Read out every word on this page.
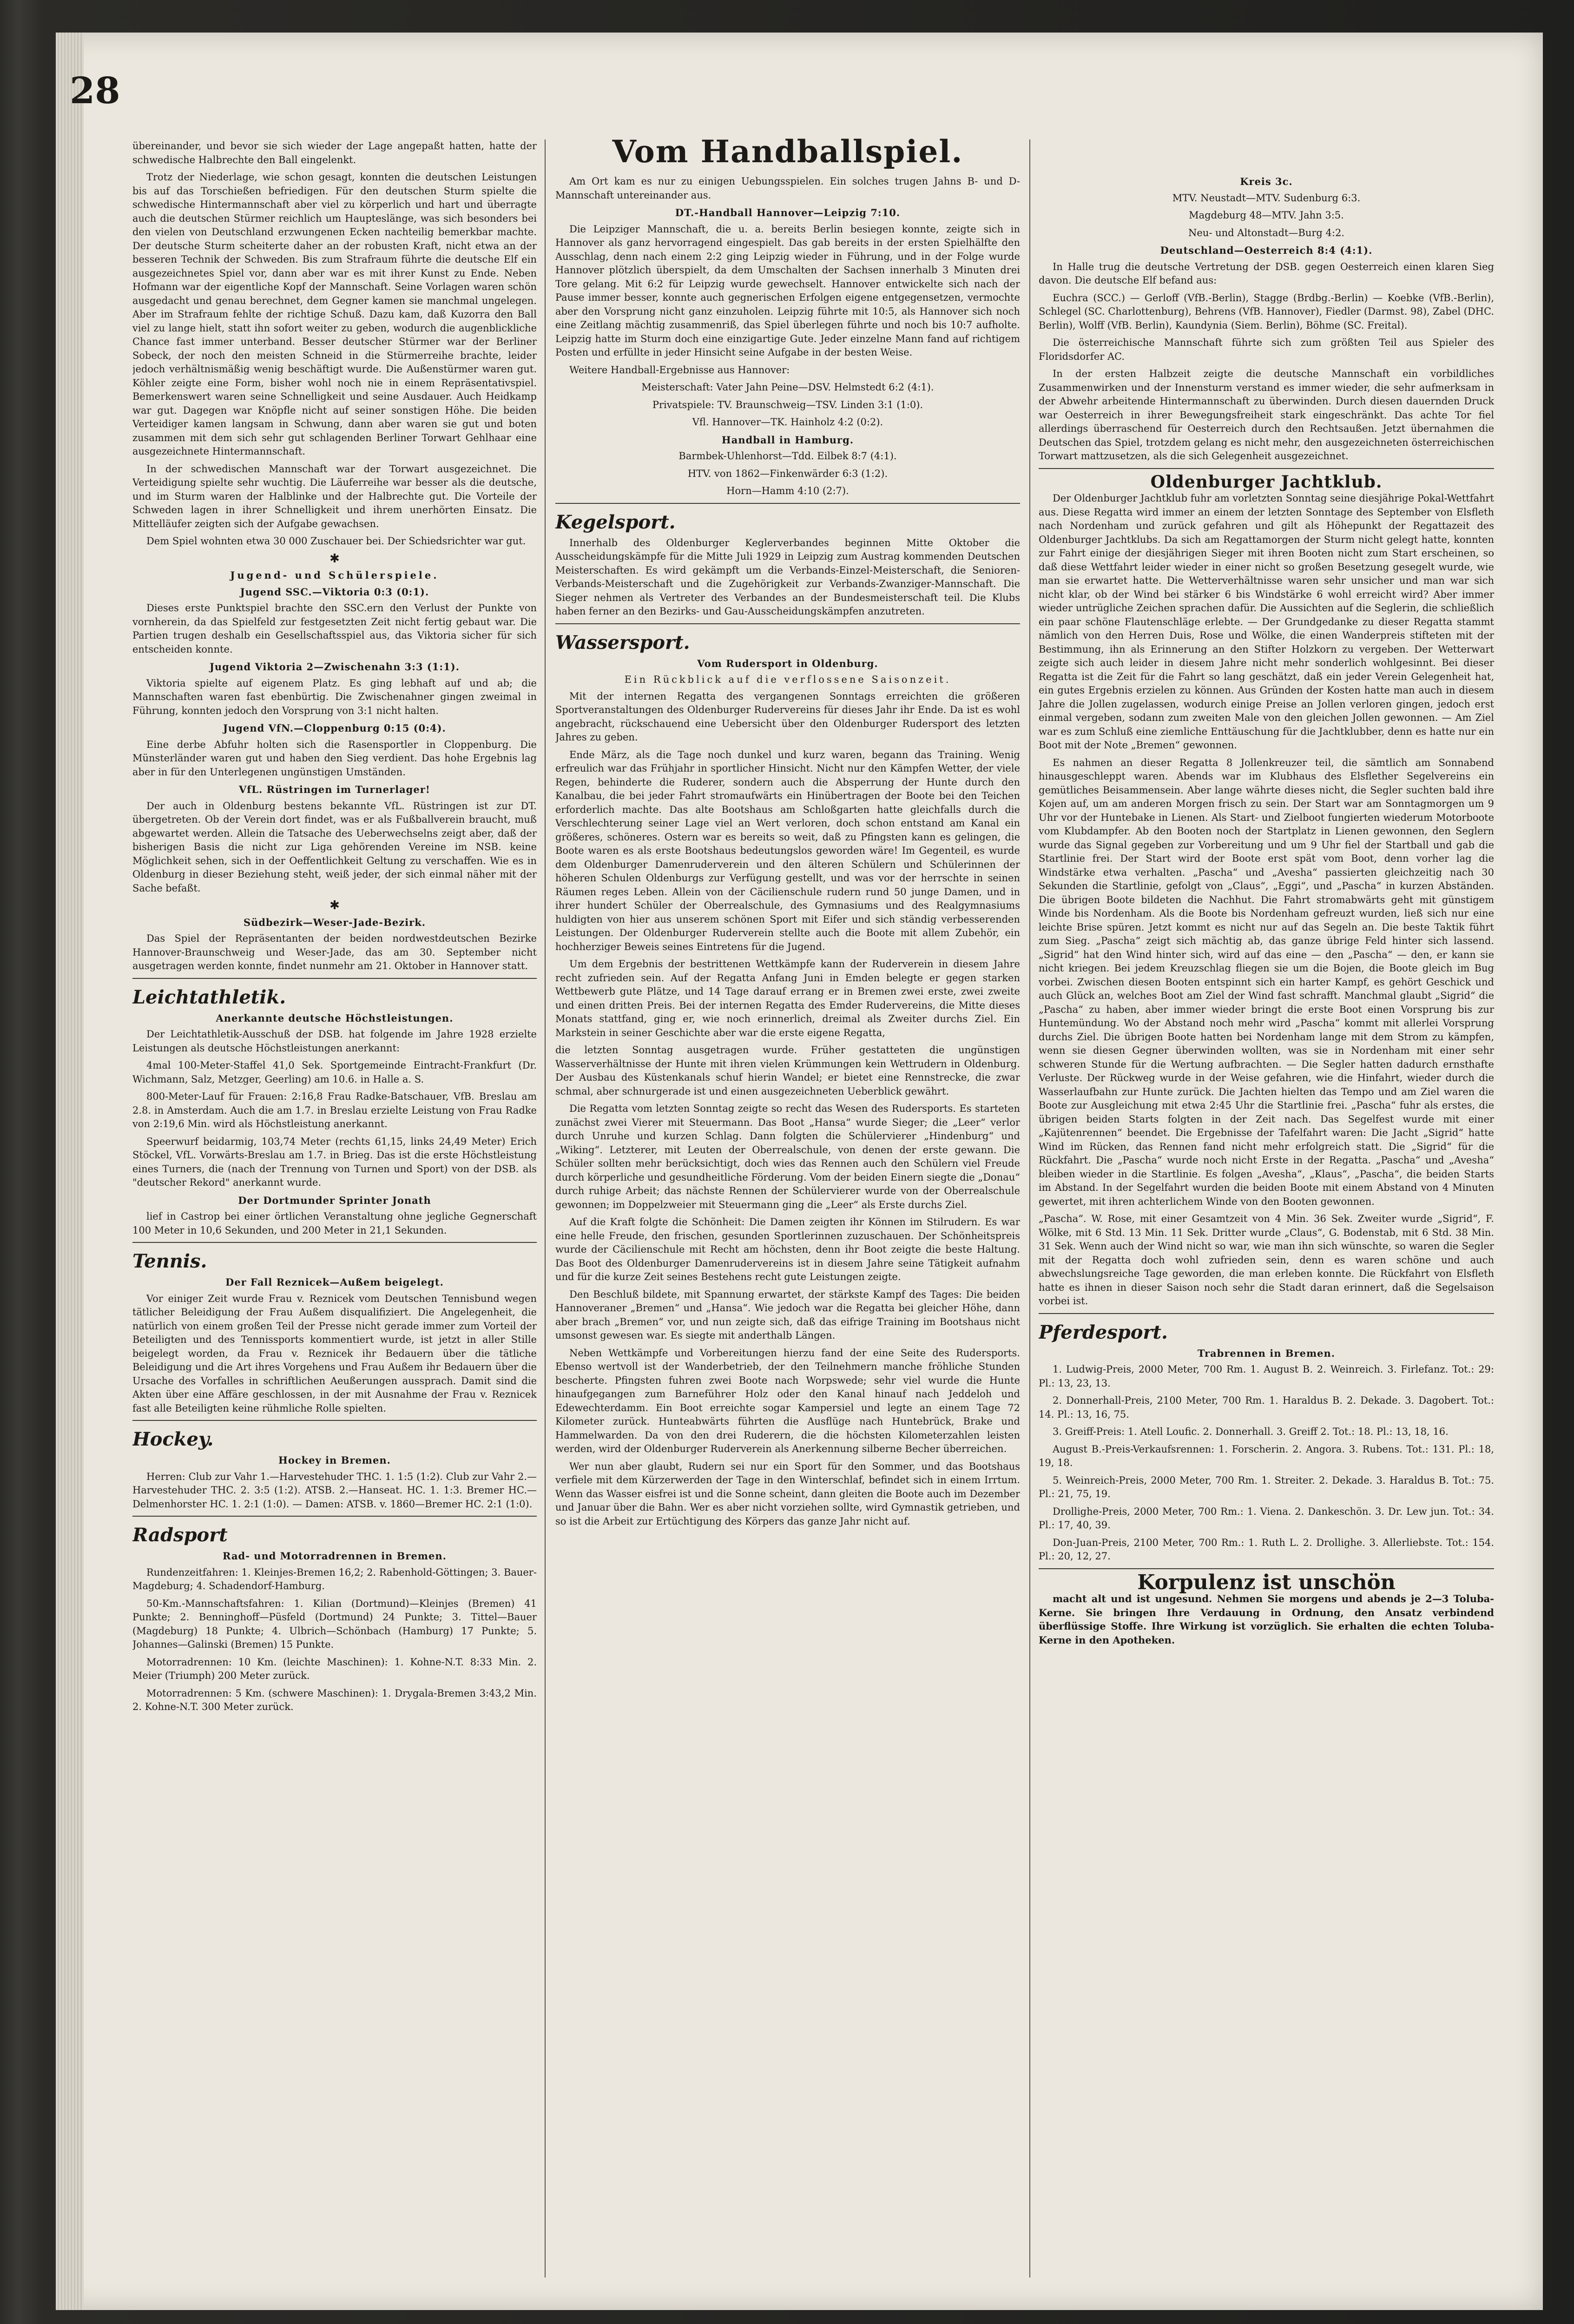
28

übereinander, und bevor sie sich wieder der Lage angepaßt hatten, hatte der schwedische Halbrechte den Ball eingelenkt.

Trotz der Niederlage, wie schon gesagt, konnten die deutschen Leistungen bis auf das Torschießen befriedigen. Für den deutschen Sturm spielte die schwedische Hintermannschaft aber viel zu körperlich und hart und überragte auch die deutschen Stürmer reichlich um Haupteslänge, was sich besonders bei den vielen von Deutschland erzwungenen Ecken nachteilig bemerkbar machte. Der deutsche Sturm scheiterte daher an der robusten Kraft, nicht etwa an der besseren Technik der Schweden. Bis zum Strafraum führte die deutsche Elf ein ausgezeichnetes Spiel vor, dann aber war es mit ihrer Kunst zu Ende. Neben Hofmann war der eigentliche Kopf der Mannschaft. Seine Vorlagen waren schön ausgedacht und genau berechnet, dem Gegner kamen sie manchmal ungelegen. Aber im Strafraum fehlte der richtige Schuß. Dazu kam, daß Kuzorra den Ball viel zu lange hielt, statt ihn sofort weiter zu geben, wodurch die augenblickliche Chance fast immer unterband. Besser deutscher Stürmer war der Berliner Sobeck, der noch den meisten Schneid in die Stürmerreihe brachte, leider jedoch verhältnismäßig wenig beschäftigt wurde. Die Außenstürmer waren gut. Köhler zeigte eine Form, bisher wohl noch nie in einem Repräsentativspiel. Bemerkenswert waren seine Schnelligkeit und seine Ausdauer. Auch Heidkamp war gut. Dagegen war Knöpfle nicht auf seiner sonstigen Höhe. Die beiden Verteidiger kamen langsam in Schwung, dann aber waren sie gut und boten zusammen mit dem sich sehr gut schlagenden Berliner Torwart Gehlhaar eine ausgezeichnete Hintermannschaft.

In der schwedischen Mannschaft war der Torwart ausgezeichnet. Die Verteidigung spielte sehr wuchtig. Die Läuferreihe war besser als die deutsche, und im Sturm waren der Halblinke und der Halbrechte gut. Die Vorteile der Schweden lagen in ihrer Schnelligkeit und ihrem unerhörten Einsatz. Die Mittelläufer zeigten sich der Aufgabe gewachsen.

Dem Spiel wohnten etwa 30 000 Zuschauer bei. Der Schiedsrichter war gut.

✱
Jugend- und Schülerspiele.
Jugend SSC.—Viktoria 0:3 (0:1).

Dieses erste Punktspiel brachte den SSC.ern den Verlust der Punkte von vornherein, da das Spielfeld zur festgesetzten Zeit nicht fertig gebaut war. Die Partien trugen deshalb ein Gesellschaftsspiel aus, das Viktoria sicher für sich entscheiden konnte.

Jugend Viktoria 2—Zwischenahn 3:3 (1:1).

Viktoria spielte auf eigenem Platz. Es ging lebhaft auf und ab; die Mannschaften waren fast ebenbürtig. Die Zwischenahner gingen zweimal in Führung, konnten jedoch den Vorsprung von 3:1 nicht halten.

Jugend VfN.—Cloppenburg 0:15 (0:4).

Eine derbe Abfuhr holten sich die Rasensportler in Cloppenburg. Die Münsterländer waren gut und haben den Sieg verdient. Das hohe Ergebnis lag aber in für den Unterlegenen ungünstigen Umständen.

VfL. Rüstringen im Turnerlager!

Der auch in Oldenburg bestens bekannte VfL. Rüstringen ist zur DT. übergetreten. Ob der Verein dort findet, was er als Fußballverein braucht, muß abgewartet werden. Allein die Tatsache des Ueberwechselns zeigt aber, daß der bisherigen Basis die nicht zur Liga gehörenden Vereine im NSB. keine Möglichkeit sehen, sich in der Oeffentlichkeit Geltung zu verschaffen. Wie es in Oldenburg in dieser Beziehung steht, weiß jeder, der sich einmal näher mit der Sache befaßt.

✱
Südbezirk—Weser-Jade-Bezirk.

Das Spiel der Repräsentanten der beiden nordwestdeutschen Bezirke Hannover-Braunschweig und Weser-Jade, das am 30. September nicht ausgetragen werden konnte, findet nunmehr am 21. Oktober in Hannover statt.

Leichtathletik.
Anerkannte deutsche Höchstleistungen.

Der Leichtathletik-Ausschuß der DSB. hat folgende im Jahre 1928 erzielte Leistungen als deutsche Höchstleistungen anerkannt:

4mal 100-Meter-Staffel 41,0 Sek. Sportgemeinde Eintracht-Frankfurt (Dr. Wichmann, Salz, Metzger, Geerling) am 10.6. in Halle a. S.

800-Meter-Lauf für Frauen: 2:16,8 Frau Radke-Batschauer, VfB. Breslau am 2.8. in Amsterdam. Auch die am 1.7. in Breslau erzielte Leistung von Frau Radke von 2:19,6 Min. wird als Höchstleistung anerkannt.

Speerwurf beidarmig, 103,74 Meter (rechts 61,15, links 24,49 Meter) Erich Stöckel, VfL. Vorwärts-Breslau am 1.7. in Brieg. Das ist die erste Höchstleistung eines Turners, die (nach der Trennung von Turnen und Sport) von der DSB. als "deutscher Rekord" anerkannt wurde.

Der Dortmunder Sprinter Jonath

lief in Castrop bei einer örtlichen Veranstaltung ohne jegliche Gegnerschaft 100 Meter in 10,6 Sekunden, und 200 Meter in 21,1 Sekunden.

Tennis.
Der Fall Reznicek—Außem beigelegt.

Vor einiger Zeit wurde Frau v. Reznicek vom Deutschen Tennisbund wegen tätlicher Beleidigung der Frau Außem disqualifiziert. Die Angelegenheit, die natürlich von einem großen Teil der Presse nicht gerade immer zum Vorteil der Beteiligten und des Tennissports kommentiert wurde, ist jetzt in aller Stille beigelegt worden, da Frau v. Reznicek ihr Bedauern über die tätliche Beleidigung und die Art ihres Vorgehens und Frau Außem ihr Bedauern über die Ursache des Vorfalles in schriftlichen Aeußerungen aussprach. Damit sind die Akten über eine Affäre geschlossen, in der mit Ausnahme der Frau v. Reznicek fast alle Beteiligten keine rühmliche Rolle spielten.

Hockey.
Hockey in Bremen.

Herren: Club zur Vahr 1.—Harvestehuder THC. 1. 1:5 (1:2). Club zur Vahr 2.—Harvestehuder THC. 2. 3:5 (1:2). ATSB. 2.—Hanseat. HC. 1. 1:3. Bremer HC.—Delmenhorster HC. 1. 2:1 (1:0). — Damen: ATSB. v. 1860—Bremer HC. 2:1 (1:0).

Radsport
Rad- und Motorradrennen in Bremen.

Rundenzeitfahren: 1. Kleinjes-Bremen 16,2; 2. Rabenhold-Göttingen; 3. Bauer-Magdeburg; 4. Schadendorf-Hamburg.

50-Km.-Mannschaftsfahren: 1. Kilian (Dortmund)—Kleinjes (Bremen) 41 Punkte; 2. Benninghoff—Püsfeld (Dortmund) 24 Punkte; 3. Tittel—Bauer (Magdeburg) 18 Punkte; 4. Ulbrich—Schönbach (Hamburg) 17 Punkte; 5. Johannes—Galinski (Bremen) 15 Punkte.

Motorradrennen: 10 Km. (leichte Maschinen): 1. Kohne-N.T. 8:33 Min. 2. Meier (Triumph) 200 Meter zurück.

Motorradrennen: 5 Km. (schwere Maschinen): 1. Drygala-Bremen 3:43,2 Min. 2. Kohne-N.T. 300 Meter zurück.

Vom Handballspiel.

Am Ort kam es nur zu einigen Uebungsspielen. Ein solches trugen Jahns B- und D-Mannschaft untereinander aus.

DT.-Handball Hannover—Leipzig 7:10.

Die Leipziger Mannschaft, die u. a. bereits Berlin besiegen konnte, zeigte sich in Hannover als ganz hervorragend eingespielt. Das gab bereits in der ersten Spielhälfte den Ausschlag, denn nach einem 2:2 ging Leipzig wieder in Führung, und in der Folge wurde Hannover plötzlich überspielt, da dem Umschalten der Sachsen innerhalb 3 Minuten drei Tore gelang. Mit 6:2 für Leipzig wurde gewechselt. Hannover entwickelte sich nach der Pause immer besser, konnte auch gegnerischen Erfolgen eigene entgegensetzen, vermochte aber den Vorsprung nicht ganz einzuholen. Leipzig führte mit 10:5, als Hannover sich noch eine Zeitlang mächtig zusammenriß, das Spiel überlegen führte und noch bis 10:7 aufholte. Leipzig hatte im Sturm doch eine einzigartige Gute. Jeder einzelne Mann fand auf richtigem Posten und erfüllte in jeder Hinsicht seine Aufgabe in der besten Weise.

Weitere Handball-Ergebnisse aus Hannover:

Meisterschaft: Vater Jahn Peine—DSV. Helmstedt 6:2 (4:1).

Privatspiele: TV. Braunschweig—TSV. Linden 3:1 (1:0).

Vfl. Hannover—TK. Hainholz 4:2 (0:2).

Handball in Hamburg.

Barmbek-Uhlenhorst—Tdd. Eilbek 8:7 (4:1).

HTV. von 1862—Finkenwärder 6:3 (1:2).

Horn—Hamm 4:10 (2:7).

Kegelsport.

Innerhalb des Oldenburger Keglerverbandes beginnen Mitte Oktober die Ausscheidungskämpfe für die Mitte Juli 1929 in Leipzig zum Austrag kommenden Deutschen Meisterschaften. Es wird gekämpft um die Verbands-Einzel-Meisterschaft, die Senioren-Verbands-Meisterschaft und die Zugehörigkeit zur Verbands-Zwanziger-Mannschaft. Die Sieger nehmen als Vertreter des Verbandes an der Bundesmeisterschaft teil. Die Klubs haben ferner an den Bezirks- und Gau-Ausscheidungskämpfen anzutreten.

Wassersport.
Vom Rudersport in Oldenburg.
Ein Rückblick auf die verflossene Saisonzeit.

Mit der internen Regatta des vergangenen Sonntags erreichten die größeren Sportveranstaltungen des Oldenburger Rudervereins für dieses Jahr ihr Ende. Da ist es wohl angebracht, rückschauend eine Uebersicht über den Oldenburger Rudersport des letzten Jahres zu geben.

Ende März, als die Tage noch dunkel und kurz waren, begann das Training. Wenig erfreulich war das Frühjahr in sportlicher Hinsicht. Nicht nur den Kämpfen Wetter, der viele Regen, behinderte die Ruderer, sondern auch die Absperrung der Hunte durch den Kanalbau, die bei jeder Fahrt stromaufwärts ein Hinübertragen der Boote bei den Teichen erforderlich machte. Das alte Bootshaus am Schloßgarten hatte gleichfalls durch die Verschlechterung seiner Lage viel an Wert verloren, doch schon entstand am Kanal ein größeres, schöneres. Ostern war es bereits so weit, daß zu Pfingsten kann es gelingen, die Boote waren es als erste Bootshaus bedeutungslos geworden wäre! Im Gegenteil, es wurde dem Oldenburger Damenruderverein und den älteren Schülern und Schülerinnen der höheren Schulen Oldenburgs zur Verfügung gestellt, und was vor der herrschte in seinen Räumen reges Leben. Allein von der Cäcilienschule rudern rund 50 junge Damen, und in ihrer hundert Schüler der Oberrealschule, des Gymnasiums und des Realgymnasiums huldigten von hier aus unserem schönen Sport mit Eifer und sich ständig verbesserenden Leistungen. Der Oldenburger Ruderverein stellte auch die Boote mit allem Zubehör, ein hochherziger Beweis seines Eintretens für die Jugend.

Um dem Ergebnis der bestrittenen Wettkämpfe kann der Ruderverein in diesem Jahre recht zufrieden sein. Auf der Regatta Anfang Juni in Emden belegte er gegen starken Wettbewerb gute Plätze, und 14 Tage darauf errang er in Bremen zwei erste, zwei zweite und einen dritten Preis. Bei der internen Regatta des Emder Rudervereins, die Mitte dieses Monats stattfand, ging er, wie noch erinnerlich, dreimal als Zweiter durchs Ziel. Ein Markstein in seiner Geschichte aber war die erste eigene Regatta,

die letzten Sonntag ausgetragen wurde. Früher gestatteten die ungünstigen Wasserverhältnisse der Hunte mit ihren vielen Krümmungen kein Wettrudern in Oldenburg. Der Ausbau des Küstenkanals schuf hierin Wandel; er bietet eine Rennstrecke, die zwar schmal, aber schnurgerade ist und einen ausgezeichneten Ueberblick gewährt.

Die Regatta vom letzten Sonntag zeigte so recht das Wesen des Rudersports. Es starteten zunächst zwei Vierer mit Steuermann. Das Boot „Hansa“ wurde Sieger; die „Leer“ verlor durch Unruhe und kurzen Schlag. Dann folgten die Schülervierer „Hindenburg“ und „Wiking“. Letzterer, mit Leuten der Oberrealschule, von denen der erste gewann. Die Schüler sollten mehr berücksichtigt, doch wies das Rennen auch den Schülern viel Freude durch körperliche und gesundheitliche Förderung. Vom der beiden Einern siegte die „Donau“ durch ruhige Arbeit; das nächste Rennen der Schülervierer wurde von der Oberrealschule gewonnen; im Doppelzweier mit Steuermann ging die „Leer“ als Erste durchs Ziel.

Auf die Kraft folgte die Schönheit: Die Damen zeigten ihr Können im Stilrudern. Es war eine helle Freude, den frischen, gesunden Sportlerinnen zuzuschauen. Der Schönheitspreis wurde der Cäcilienschule mit Recht am höchsten, denn ihr Boot zeigte die beste Haltung. Das Boot des Oldenburger Damenrudervereins ist in diesem Jahre seine Tätigkeit aufnahm und für die kurze Zeit seines Bestehens recht gute Leistungen zeigte.

Den Beschluß bildete, mit Spannung erwartet, der stärkste Kampf des Tages: Die beiden Hannoveraner „Bremen“ und „Hansa“. Wie jedoch war die Regatta bei gleicher Höhe, dann aber brach „Bremen“ vor, und nun zeigte sich, daß das eifrige Training im Bootshaus nicht umsonst gewesen war. Es siegte mit anderthalb Längen.

Neben Wettkämpfe und Vorbereitungen hierzu fand der eine Seite des Rudersports. Ebenso wertvoll ist der Wanderbetrieb, der den Teilnehmern manche fröhliche Stunden bescherte. Pfingsten fuhren zwei Boote nach Worpswede; sehr viel wurde die Hunte hinaufgegangen zum Barneführer Holz oder den Kanal hinauf nach Jeddeloh und Edewechterdamm. Ein Boot erreichte sogar Kampersiel und legte an einem Tage 72 Kilometer zurück. Hunteabwärts führten die Ausflüge nach Huntebrück, Brake und Hammelwarden. Da von den drei Ruderern, die die höchsten Kilometerzahlen leisten werden, wird der Oldenburger Ruderverein als Anerkennung silberne Becher überreichen.

Wer nun aber glaubt, Rudern sei nur ein Sport für den Sommer, und das Bootshaus verfiele mit dem Kürzerwerden der Tage in den Winterschlaf, befindet sich in einem Irrtum. Wenn das Wasser eisfrei ist und die Sonne scheint, dann gleiten die Boote auch im Dezember und Januar über die Bahn. Wer es aber nicht vorziehen sollte, wird Gymnastik getrieben, und so ist die Arbeit zur Ertüchtigung des Körpers das ganze Jahr nicht auf.

Kreis 3c.

MTV. Neustadt—MTV. Sudenburg 6:3.

Magdeburg 48—MTV. Jahn 3:5.

Neu- und Altonstadt—Burg 4:2.

Deutschland—Oesterreich 8:4 (4:1).

In Halle trug die deutsche Vertretung der DSB. gegen Oesterreich einen klaren Sieg davon. Die deutsche Elf befand aus:

Euchra (SCC.) — Gerloff (VfB.-Berlin), Stagge (Brdbg.-Berlin) — Koebke (VfB.-Berlin), Schlegel (SC. Charlottenburg), Behrens (VfB. Hannover), Fiedler (Darmst. 98), Zabel (DHC. Berlin), Wolff (VfB. Berlin), Kaundynia (Siem. Berlin), Böhme (SC. Freital).

Die österreichische Mannschaft führte sich zum größten Teil aus Spieler des Floridsdorfer AC.

In der ersten Halbzeit zeigte die deutsche Mannschaft ein vorbildliches Zusammenwirken und der Innensturm verstand es immer wieder, die sehr aufmerksam in der Abwehr arbeitende Hintermannschaft zu überwinden. Durch diesen dauernden Druck war Oesterreich in ihrer Bewegungsfreiheit stark eingeschränkt. Das achte Tor fiel allerdings überraschend für Oesterreich durch den Rechtsaußen. Jetzt übernahmen die Deutschen das Spiel, trotzdem gelang es nicht mehr, den ausgezeichneten österreichischen Torwart mattzusetzen, als die sich Gelegenheit ausgezeichnet.

Oldenburger Jachtklub.

Der Oldenburger Jachtklub fuhr am vorletzten Sonntag seine diesjährige Pokal-Wettfahrt aus. Diese Regatta wird immer an einem der letzten Sonntage des September von Elsfleth nach Nordenham und zurück gefahren und gilt als Höhepunkt der Regattazeit des Oldenburger Jachtklubs. Da sich am Regattamorgen der Sturm nicht gelegt hatte, konnten zur Fahrt einige der diesjährigen Sieger mit ihren Booten nicht zum Start erscheinen, so daß diese Wettfahrt leider wieder in einer nicht so großen Besetzung gesegelt wurde, wie man sie erwartet hatte. Die Wetterverhältnisse waren sehr unsicher und man war sich nicht klar, ob der Wind bei stärker 6 bis Windstärke 6 wohl erreicht wird? Aber immer wieder untrügliche Zeichen sprachen dafür. Die Aussichten auf die Seglerin, die schließlich ein paar schöne Flautenschläge erlebte. — Der Grundgedanke zu dieser Regatta stammt nämlich von den Herren Duis, Rose und Wölke, die einen Wanderpreis stifteten mit der Bestimmung, ihn als Erinnerung an den Stifter Holzkorn zu vergeben. Der Wetterwart zeigte sich auch leider in diesem Jahre nicht mehr sonderlich wohlgesinnt. Bei dieser Regatta ist die Zeit für die Fahrt so lang geschätzt, daß ein jeder Verein Gelegenheit hat, ein gutes Ergebnis erzielen zu können. Aus Gründen der Kosten hatte man auch in diesem Jahre die Jollen zugelassen, wodurch einige Preise an Jollen verloren gingen, jedoch erst einmal vergeben, sodann zum zweiten Male von den gleichen Jollen gewonnen. — Am Ziel war es zum Schluß eine ziemliche Enttäuschung für die Jachtklubber, denn es hatte nur ein Boot mit der Note „Bremen“ gewonnen.

Es nahmen an dieser Regatta 8 Jollenkreuzer teil, die sämtlich am Sonnabend hinausgeschleppt waren. Abends war im Klubhaus des Elsflether Segelvereins ein gemütliches Beisammensein. Aber lange währte dieses nicht, die Segler suchten bald ihre Kojen auf, um am anderen Morgen frisch zu sein. Der Start war am Sonntagmorgen um 9 Uhr vor der Huntebake in Lienen. Als Start- und Zielboot fungierten wiederum Motorboote vom Klubdampfer. Ab den Booten noch der Startplatz in Lienen gewonnen, den Seglern wurde das Signal gegeben zur Vorbereitung und um 9 Uhr fiel der Startball und gab die Startlinie frei. Der Start wird der Boote erst spät vom Boot, denn vorher lag die Windstärke etwa verhalten. „Pascha“ und „Avesha“ passierten gleichzeitig nach 30 Sekunden die Startlinie, gefolgt von „Claus“, „Eggi“, und „Pascha“ in kurzen Abständen. Die übrigen Boote bildeten die Nachhut. Die Fahrt stromabwärts geht mit günstigem Winde bis Nordenham. Als die Boote bis Nordenham gefreuzt wurden, ließ sich nur eine leichte Brise spüren. Jetzt kommt es nicht nur auf das Segeln an. Die beste Taktik führt zum Sieg. „Pascha“ zeigt sich mächtig ab, das ganze übrige Feld hinter sich lassend. „Sigrid“ hat den Wind hinter sich, wird auf das eine — den „Pascha“ — den, er kann sie nicht kriegen. Bei jedem Kreuzschlag fliegen sie um die Bojen, die Boote gleich im Bug vorbei. Zwischen diesen Booten entspinnt sich ein harter Kampf, es gehört Geschick und auch Glück an, welches Boot am Ziel der Wind fast schrafft. Manchmal glaubt „Sigrid“ die „Pascha“ zu haben, aber immer wieder bringt die erste Boot einen Vorsprung bis zur Huntemündung. Wo der Abstand noch mehr wird „Pascha“ kommt mit allerlei Vorsprung durchs Ziel. Die übrigen Boote hatten bei Nordenham lange mit dem Strom zu kämpfen, wenn sie diesen Gegner überwinden wollten, was sie in Nordenham mit einer sehr schweren Stunde für die Wertung aufbrachten. — Die Segler hatten dadurch ernsthafte Verluste. Der Rückweg wurde in der Weise gefahren, wie die Hinfahrt, wieder durch die Wasserlaufbahn zur Hunte zurück. Die Jachten hielten das Tempo und am Ziel waren die Boote zur Ausgleichung mit etwa 2:45 Uhr die Startlinie frei. „Pascha“ fuhr als erstes, die übrigen beiden Starts folgten in der Zeit nach. Das Segelfest wurde mit einer „Kajütenrennen“ beendet. Die Ergebnisse der Tafelfahrt waren: Die Jacht „Sigrid“ hatte Wind im Rücken, das Rennen fand nicht mehr erfolgreich statt. Die „Sigrid“ für die Rückfahrt. Die „Pascha“ wurde noch nicht Erste in der Regatta. „Pascha“ und „Avesha“ bleiben wieder in die Startlinie. Es folgen „Avesha“, „Klaus“, „Pascha“, die beiden Starts im Abstand. In der Segelfahrt wurden die beiden Boote mit einem Abstand von 4 Minuten gewertet, mit ihren achterlichem Winde von den Booten gewonnen.

„Pascha“. W. Rose, mit einer Gesamtzeit von 4 Min. 36 Sek. Zweiter wurde „Sigrid“, F. Wölke, mit 6 Std. 13 Min. 11 Sek. Dritter wurde „Claus“, G. Bodenstab, mit 6 Std. 38 Min. 31 Sek. Wenn auch der Wind nicht so war, wie man ihn sich wünschte, so waren die Segler mit der Regatta doch wohl zufrieden sein, denn es waren schöne und auch abwechslungsreiche Tage geworden, die man erleben konnte. Die Rückfahrt von Elsfleth hatte es ihnen in dieser Saison noch sehr die Stadt daran erinnert, daß die Segelsaison vorbei ist.

Pferdesport.
Trabrennen in Bremen.

1. Ludwig-Preis, 2000 Meter, 700 Rm. 1. August B. 2. Weinreich. 3. Firlefanz. Tot.: 29: Pl.: 13, 23, 13.

2. Donnerhall-Preis, 2100 Meter, 700 Rm. 1. Haraldus B. 2. Dekade. 3. Dagobert. Tot.: 14. Pl.: 13, 16, 75.

3. Greiff-Preis: 1. Atell Loufic. 2. Donnerhall. 3. Greiff 2. Tot.: 18. Pl.: 13, 18, 16.

August B.-Preis-Verkaufsrennen: 1. Forscherin. 2. Angora. 3. Rubens. Tot.: 131. Pl.: 18, 19, 18.

5. Weinreich-Preis, 2000 Meter, 700 Rm. 1. Streiter. 2. Dekade. 3. Haraldus B. Tot.: 75. Pl.: 21, 75, 19.

Drollighe-Preis, 2000 Meter, 700 Rm.: 1. Viena. 2. Dankeschön. 3. Dr. Lew jun. Tot.: 34. Pl.: 17, 40, 39.

Don-Juan-Preis, 2100 Meter, 700 Rm.: 1. Ruth L. 2. Drollighe. 3. Allerliebste. Tot.: 154. Pl.: 20, 12, 27.

Korpulenz ist unschön

macht alt und ist ungesund. Nehmen Sie morgens und abends je 2—3 Toluba-Kerne. Sie bringen Ihre Verdauung in Ordnung, den Ansatz verbindend überflüssige Stoffe. Ihre Wirkung ist vorzüglich. Sie erhalten die echten Toluba-Kerne in den Apotheken.
